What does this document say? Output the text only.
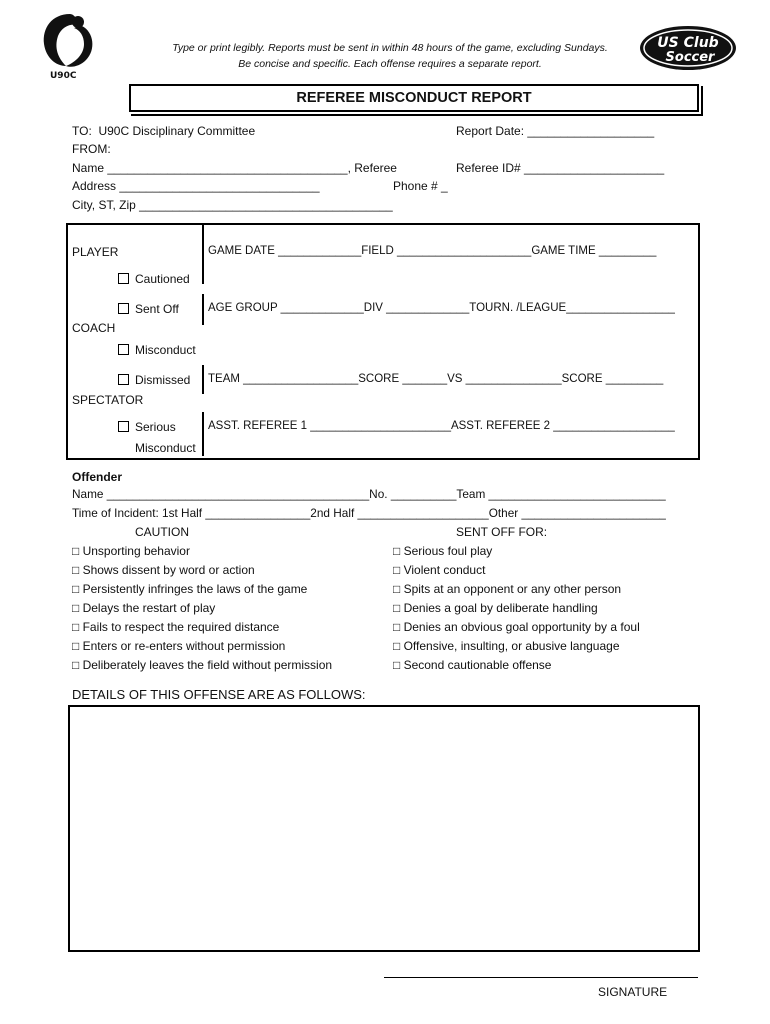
U90C
US Club
Soccer
Type or print legibly. Reports must be sent in within 48 hours of the game, excluding Sundays.
Be concise and specific. Each offense requires a separate report.
REFEREE MISCONDUCT REPORT
TO:  U90C Disciplinary Committee	Report Date: ___________________
FROM:
Name ____________________________________, Referee	Referee ID# _____________________
Address ______________________________	Phone # _
City, ST, Zip ______________________________________
PLAYER
Cautioned
Sent Off
COACH
Misconduct
Dismissed
SPECTATOR
Serious
Misconduct
GAME DATE _____________FIELD _____________________GAME TIME _________
AGE GROUP _____________DIV _____________TOURN. /LEAGUE_________________
TEAM __________________SCORE _______VS _______________SCORE _________
ASST. REFEREE 1 ______________________ASST. REFEREE 2 ___________________
Offender
Name ________________________________________No. __________Team ___________________________
Time of Incident: 1st Half ________________2nd Half ____________________Other ______________________
CAUTION	SENT OFF FOR:
□ Unsporting behavior
□ Shows dissent by word or action
□ Persistently infringes the laws of the game
□ Delays the restart of play
□ Fails to respect the required distance
□ Enters or re-enters without permission
□ Deliberately leaves the field without permission
□ Serious foul play
□ Violent conduct
□ Spits at an opponent or any other person
□ Denies a goal by deliberate handling
□ Denies an obvious goal opportunity by a foul
□ Offensive, insulting, or abusive language
□ Second cautionable offense
DETAILS OF THIS OFFENSE ARE AS FOLLOWS:
SIGNATURE
